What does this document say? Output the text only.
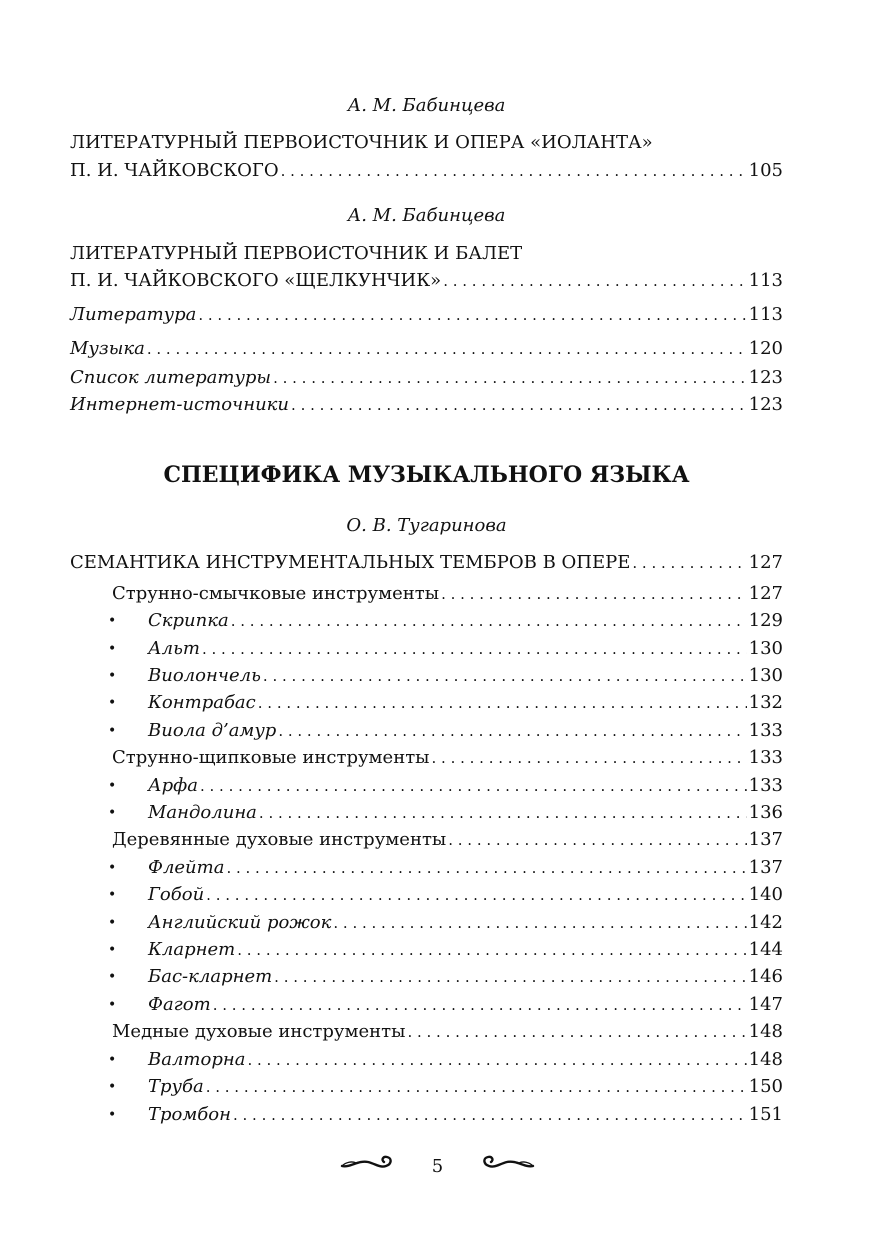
А. М. Бабинцева
ЛИТЕРАТУРНЫЙ ПЕРВОИСТОЧНИК И ОПЕРА «ИОЛАНТА»
П. И. ЧАЙКОВСКОГО . . .	105
А. М. Бабинцева
ЛИТЕРАТУРНЫЙ ПЕРВОИСТОЧНИК И БАЛЕТ
П. И. ЧАЙКОВСКОГО «ЩЕЛКУНЧИК» . . .	113
Литература . . .	113
Музыка . . .	120
Список литературы . . .	123
Интернет-источники . . .	123
СПЕЦИФИКА МУЗЫКАЛЬНОГО ЯЗЫКА
О. В. Тугаринова
СЕМАНТИКА ИНСТРУМЕНТАЛЬНЫХ ТЕМБРОВ В ОПЕРЕ . . .	127
Струнно-смычковые инструменты . . .	127
• Скрипка . . .	129
• Альт . . .	130
• Виолончель . . .	130
• Контрабас . . .	132
• Виола д’амур . . .	133
Струнно-щипковые инструменты . . .	133
• Арфа . . .	133
• Мандолина . . .	136
Деревянные духовые инструменты . . .	137
• Флейта . . .	137
• Гобой . . .	140
• Английский рожок . . .	142
• Кларнет . . .	144
• Бас-кларнет . . .	146
• Фагот . . .	147
Медные духовые инструменты . . .	148
• Валторна . . .	148
• Труба . . .	150
• Тромбон . . .	151
5
